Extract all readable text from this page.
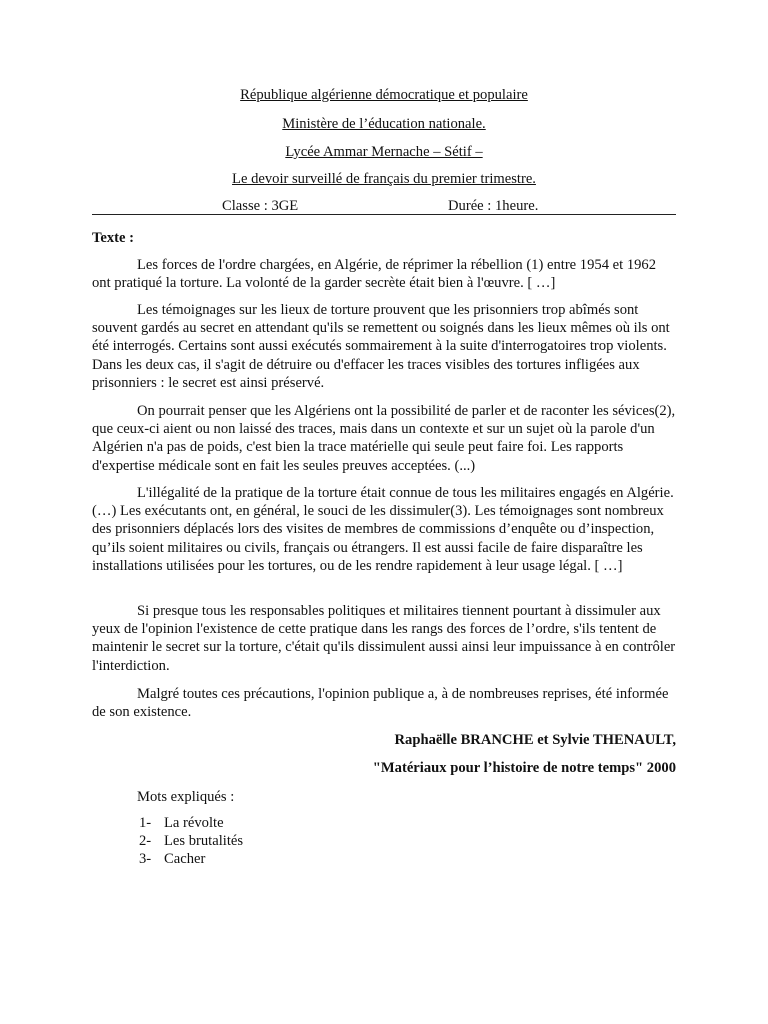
République algérienne démocratique et populaire

Ministère de l’éducation nationale.

Lycée Ammar Mernache – Sétif –

Le devoir surveillé de français du premier trimestre.

Classe : 3GE	Durée : 1heure.
Texte :

Les forces de l'ordre chargées, en Algérie, de réprimer la rébellion (1) entre 1954 et 1962 ont pratiqué la torture. La volonté de la garder secrète était bien à l'œuvre. [ …]

Les témoignages sur les lieux de torture prouvent que les prisonniers trop abîmés sont souvent gardés au secret en attendant qu'ils se remettent ou soignés dans les lieux mêmes où ils ont été interrogés. Certains sont aussi exécutés sommairement à la suite d'interrogatoires trop violents. Dans les deux cas, il s'agit de détruire ou d'effacer les traces visibles des tortures infligées aux prisonniers : le secret est ainsi préservé.

On pourrait penser que les Algériens ont la possibilité de parler et de raconter les sévices(2), que ceux-ci aient ou non laissé des traces, mais dans un contexte et sur un sujet où la parole d'un Algérien n'a pas de poids, c'est bien la trace matérielle qui seule peut faire foi. Les rapports d'expertise médicale sont en fait les seules preuves acceptées. (...)

L'illégalité de la pratique de la torture était connue de tous les militaires engagés en Algérie. (…) Les exécutants ont, en général, le souci de les dissimuler(3). Les témoignages sont nombreux des prisonniers déplacés lors des visites de membres de commissions d’enquête ou d’inspection, qu’ils soient militaires ou civils, français ou étrangers. Il est aussi facile de faire disparaître les installations utilisées pour les tortures, ou de les rendre rapidement à leur usage légal. [ …]

Si presque tous les responsables politiques et militaires tiennent pourtant à dissimuler aux yeux de l'opinion l'existence de cette pratique dans les rangs des forces de l’ordre, s'ils tentent de maintenir le secret sur la torture, c'était qu'ils dissimulent aussi ainsi leur impuissance à en contrôler l'interdiction.

Malgré toutes ces précautions, l'opinion publique a, à de nombreuses reprises, été informée de son existence.

Raphaëlle BRANCHE et Sylvie THENAULT,

"Matériaux pour l’histoire de notre temps" 2000

Mots expliqués :
1- La révolte
2- Les brutalités
3- Cacher
